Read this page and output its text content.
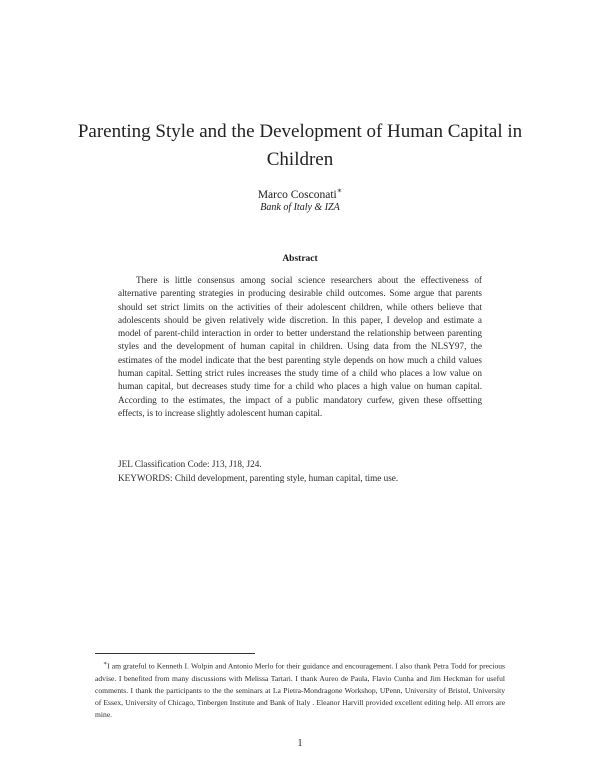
Parenting Style and the Development of Human Capital in Children
Marco Cosconati∗
Bank of Italy & IZA
Abstract

There is little consensus among social science researchers about the effectiveness of alternative parenting strategies in producing desirable child outcomes. Some argue that parents should set strict limits on the activities of their adolescent children, while others believe that adolescents should be given relatively wide discretion. In this paper, I develop and estimate a model of parent-child interaction in order to better understand the relationship between parenting styles and the development of human capital in children. Using data from the NLSY97, the estimates of the model indicate that the best parenting style depends on how much a child values human capital. Setting strict rules increases the study time of a child who places a low value on human capital, but decreases study time for a child who places a high value on human capital. According to the estimates, the impact of a public mandatory curfew, given these offsetting effects, is to increase slightly adolescent human capital.

JEL Classification Code: J13, J18, J24.
KEYWORDS: Child development, parenting style, human capital, time use.

∗I am grateful to Kenneth I. Wolpin and Antonio Merlo for their guidance and encouragement. I also thank Petra Todd for precious advise. I benefited from many discussions with Melissa Tartari. I thank Aureo de Paula, Flavio Cunha and Jim Heckman for useful comments. I thank the participants to the the seminars at La Pietra-Mondragone Workshop, UPenn, University of Bristol, University of Essex, University of Chicago, Tinbergen Institute and Bank of Italy . Eleanor Harvill provided excellent editing help. All errors are mine.

1
